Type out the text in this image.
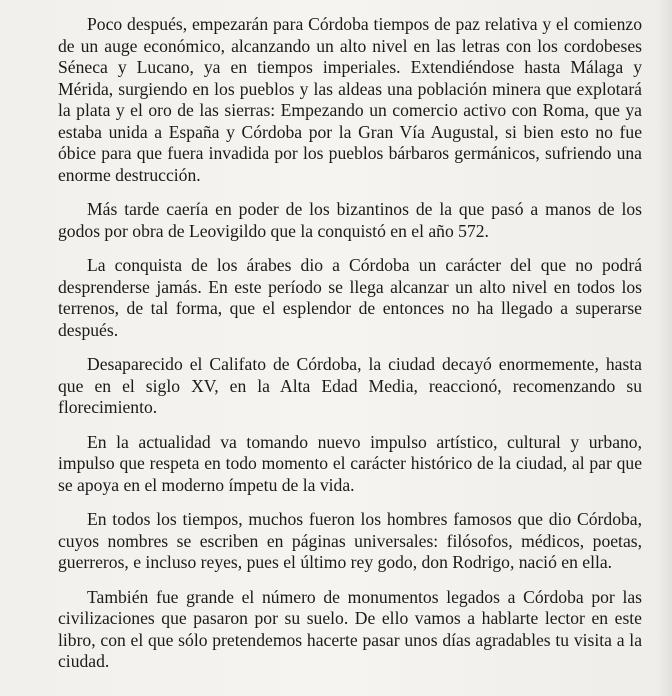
Poco después, empezarán para Córdoba tiempos de paz relativa y el comienzo de un auge económico, alcanzando un alto nivel en las letras con los cordobeses Séneca y Lucano, ya en tiempos imperiales. Extendiéndose hasta Málaga y Mérida, surgiendo en los pueblos y las aldeas una población minera que explotará la plata y el oro de las sierras: Empezando un comercio activo con Roma, que ya estaba unida a España y Córdoba por la Gran Vía Augustal, si bien esto no fue óbice para que fuera invadida por los pueblos bárbaros germánicos, sufriendo una enorme destrucción.

Más tarde caería en poder de los bizantinos de la que pasó a manos de los godos por obra de Leovigildo que la conquistó en el año 572.

La conquista de los árabes dio a Córdoba un carácter del que no podrá desprenderse jamás. En este período se llega alcanzar un alto nivel en todos los terrenos, de tal forma, que el esplendor de entonces no ha llegado a superarse después.

Desaparecido el Califato de Córdoba, la ciudad decayó enormemente, hasta que en el siglo XV, en la Alta Edad Media, reaccionó, recomenzando su florecimiento.

En la actualidad va tomando nuevo impulso artístico, cultural y urbano, impulso que respeta en todo momento el carácter histórico de la ciudad, al par que se apoya en el moderno ímpetu de la vida.

En todos los tiempos, muchos fueron los hombres famosos que dio Córdoba, cuyos nombres se escriben en páginas universales: filósofos, médicos, poetas, guerreros, e incluso reyes, pues el último rey godo, don Rodrigo, nació en ella.

También fue grande el número de monumentos legados a Córdoba por las civilizaciones que pasaron por su suelo. De ello vamos a hablarte lector en este libro, con el que sólo pretendemos hacerte pasar unos días agradables tu visita a la ciudad.
